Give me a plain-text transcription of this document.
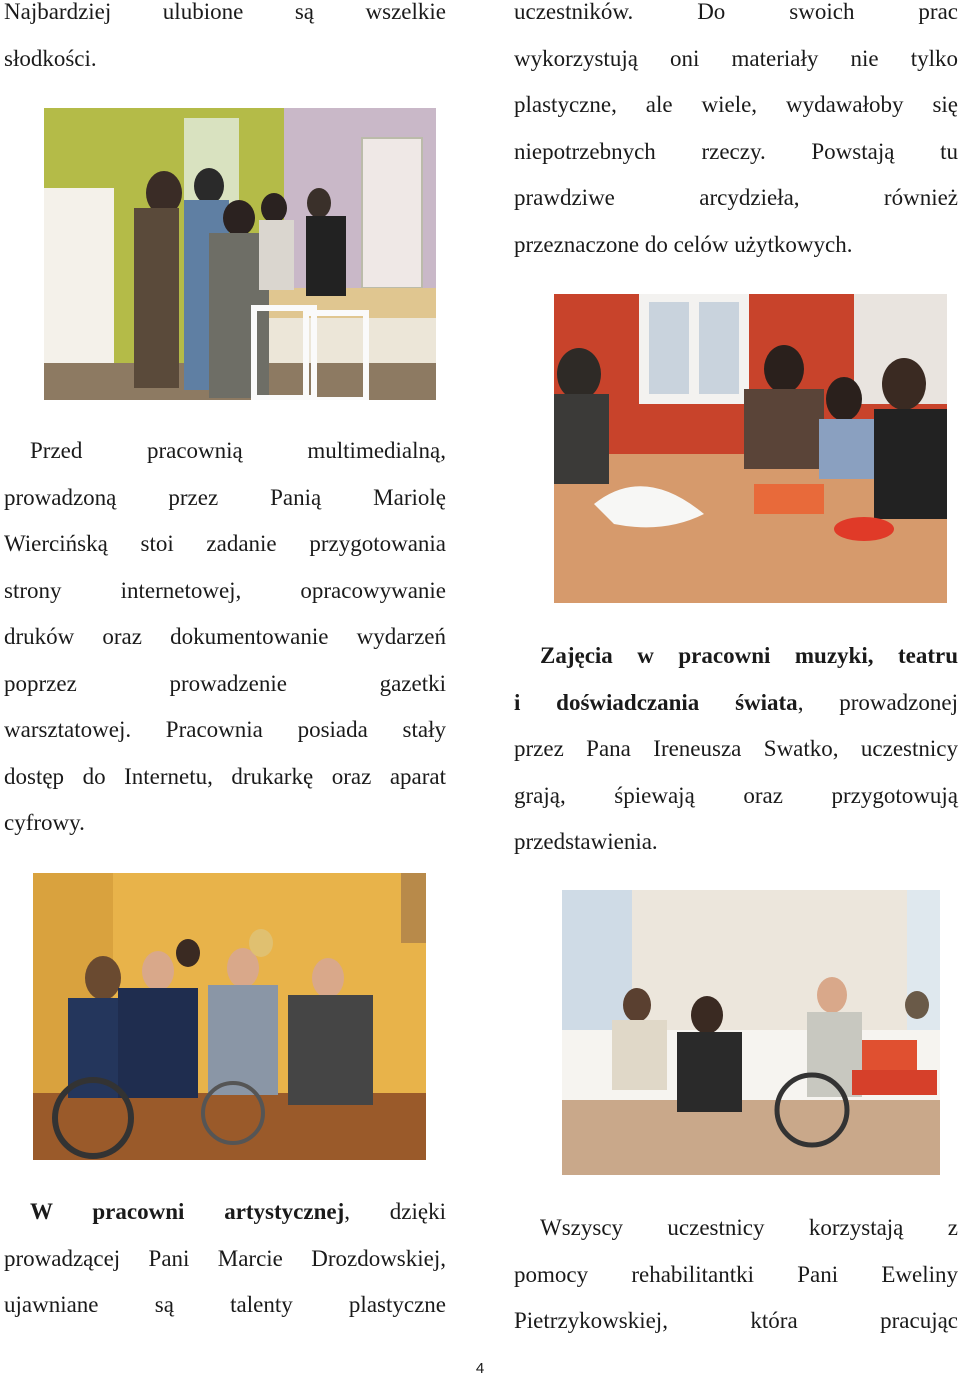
Najbardziej ulubione są wszelkie

słodkości.

uczestników. Do swoich prac

wykorzystują oni materiały nie tylko

plastyczne, ale wiele, wydawałoby się

niepotrzebnych rzeczy. Powstają tu

prawdziwe arcydzieła, również

przeznaczone do celów użytkowych.

Przed pracownią multimedialną,

prowadzoną przez Panią Mariolę

Wiercińską stoi zadanie przygotowania

strony internetowej, opracowywanie

druków oraz dokumentowanie wydarzeń

poprzez prowadzenie gazetki

warsztatowej. Pracownia posiada stały

dostęp do Internetu, drukarkę oraz aparat

cyfrowy.

Zajęcia w pracowni muzyki, teatru

i doświadczania świata, prowadzonej

przez Pana Ireneusza Swatko, uczestnicy

grają, śpiewają oraz przygotowują

przedstawienia.

W pracowni artystycznej, dzięki

prowadzącej Pani Marcie Drozdowskiej,

ujawniane są talenty plastyczne

Wszyscy uczestnicy korzystają z

pomocy rehabilitantki Pani Eweliny

Pietrzykowskiej, która pracując

4
